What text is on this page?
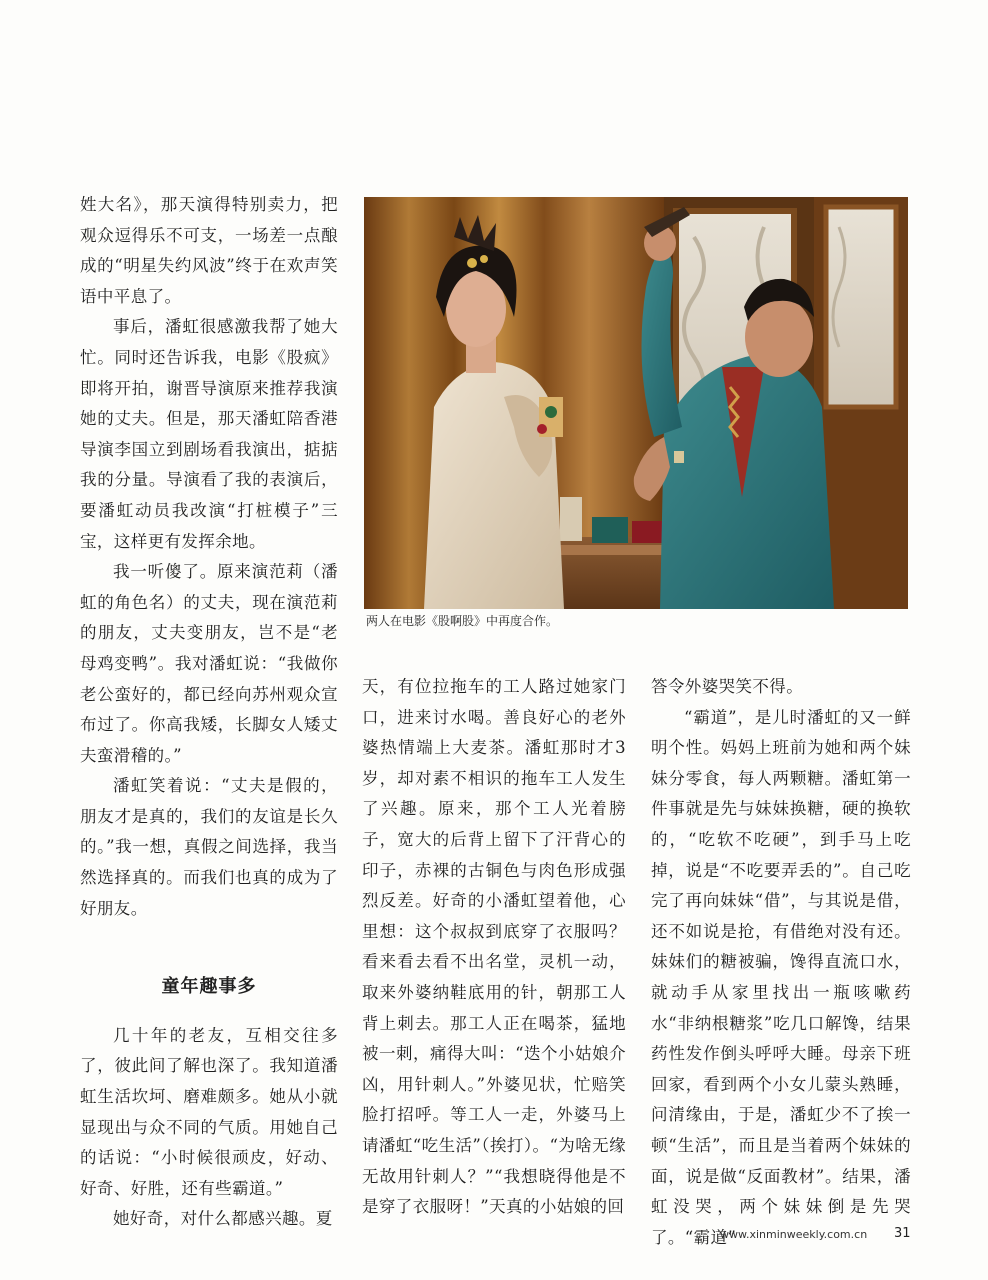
姓大名》，那天演得特别卖力，把观众逗得乐不可支，一场差一点酿成的“明星失约风波”终于在欢声笑语中平息了。

事后，潘虹很感激我帮了她大忙。同时还告诉我，电影《股疯》即将开拍，谢晋导演原来推荐我演她的丈夫。但是，那天潘虹陪香港导演李国立到剧场看我演出，掂掂我的分量。导演看了我的表演后，要潘虹动员我改演“打桩模子”三宝，这样更有发挥余地。

我一听傻了。原来演范莉（潘虹的角色名）的丈夫，现在演范莉的朋友，丈夫变朋友，岂不是“老母鸡变鸭”。我对潘虹说：“我做你老公蛮好的，都已经向苏州观众宣布过了。你高我矮，长脚女人矮丈夫蛮滑稽的。”

潘虹笑着说：“丈夫是假的，朋友才是真的，我们的友谊是长久的。”我一想，真假之间选择，我当然选择真的。而我们也真的成为了好朋友。

童年趣事多

几十年的老友，互相交往多了，彼此间了解也深了。我知道潘虹生活坎坷、磨难颇多。她从小就显现出与众不同的气质。用她自己的话说：“小时候很顽皮，好动、好奇、好胜，还有些霸道。”

她好奇，对什么都感兴趣。夏

两人在电影《股啊股》中再度合作。

天，有位拉拖车的工人路过她家门口，进来讨水喝。善良好心的老外婆热情端上大麦茶。潘虹那时才3岁，却对素不相识的拖车工人发生了兴趣。原来，那个工人光着膀子，宽大的后背上留下了汗背心的印子，赤裸的古铜色与肉色形成强烈反差。好奇的小潘虹望着他，心里想：这个叔叔到底穿了衣服吗？看来看去看不出名堂，灵机一动，取来外婆纳鞋底用的针，朝那工人背上刺去。那工人正在喝茶，猛地被一刺，痛得大叫：“迭个小姑娘介凶，用针刺人。”外婆见状，忙赔笑脸打招呼。等工人一走，外婆马上请潘虹“吃生活”（挨打）。“为啥无缘无故用针刺人？”“我想晓得他是不是穿了衣服呀！”天真的小姑娘的回

答令外婆哭笑不得。

“霸道”，是儿时潘虹的又一鲜明个性。妈妈上班前为她和两个妹妹分零食，每人两颗糖。潘虹第一件事就是先与妹妹换糖，硬的换软的，“吃软不吃硬”，到手马上吃掉，说是“不吃要弄丢的”。自己吃完了再向妹妹“借”，与其说是借，还不如说是抢，有借绝对没有还。妹妹们的糖被骗，馋得直流口水，就动手从家里找出一瓶咳嗽药水“非纳根糖浆”吃几口解馋，结果药性发作倒头呼呼大睡。母亲下班回家，看到两个小女儿蒙头熟睡，问清缘由，于是，潘虹少不了挨一顿“生活”，而且是当着两个妹妹的面，说是做“反面教材”。结果，潘虹没哭，两个妹妹倒是先哭了。“霸道”

www.xinminweekly.com.cn 31
